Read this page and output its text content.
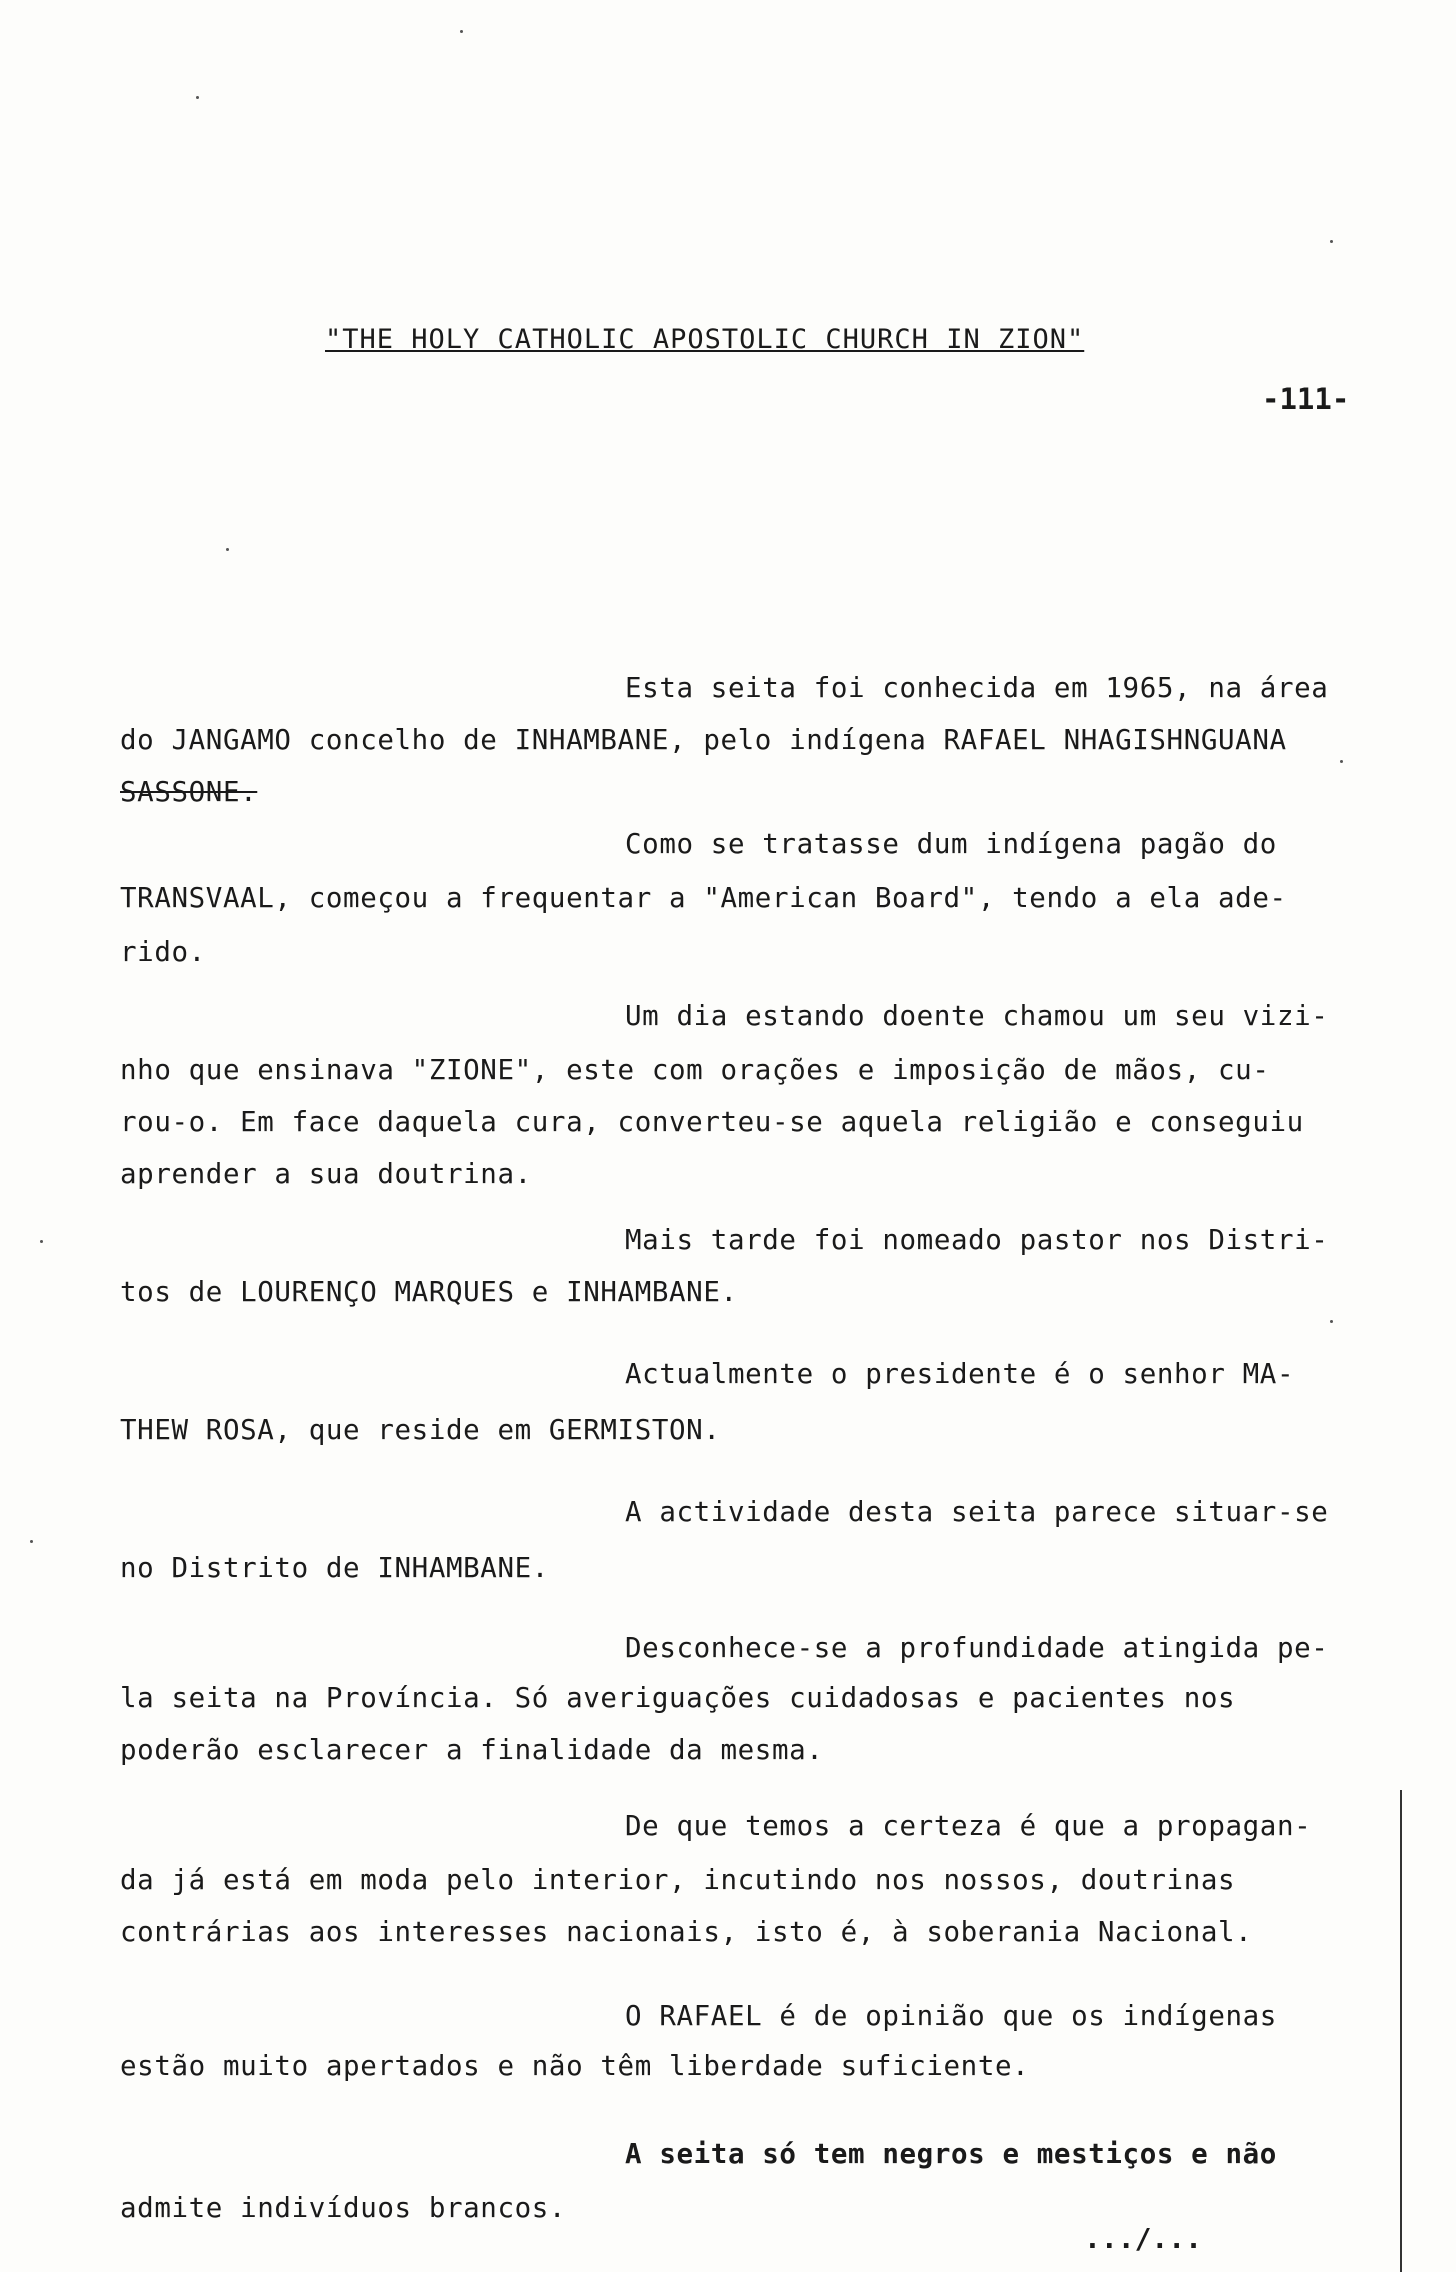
"THE HOLY CATHOLIC APOSTOLIC CHURCH IN ZION"
-111-
Esta seita foi conhecida em 1965, na área
do JANGAMO concelho de INHAMBANE, pelo indígena RAFAEL NHAGISHNGUANA
SASSONE.
Como se tratasse dum indígena pagão do
TRANSVAAL, começou a frequentar a "American Board", tendo a ela ade-
rido.
Um dia estando doente chamou um seu vizi-
nho que ensinava "ZIONE", este com orações e imposição de mãos, cu-
rou-o. Em face daquela cura, converteu-se aquela religião e conseguiu
aprender a sua doutrina.
Mais tarde foi nomeado pastor nos Distri-
tos de LOURENÇO MARQUES e INHAMBANE.
Actualmente o presidente é o senhor MA-
THEW ROSA, que reside em GERMISTON.
A actividade desta seita parece situar-se
no Distrito de INHAMBANE.
Desconhece-se a profundidade atingida pe-
la seita na Província. Só averiguações cuidadosas e pacientes nos
poderão esclarecer a finalidade da mesma.
De que temos a certeza é que a propagan-
da já está em moda pelo interior, incutindo nos nossos, doutrinas
contrárias aos interesses nacionais, isto é, à soberania Nacional.
O RAFAEL é de opinião que os indígenas
estão muito apertados e não têm liberdade suficiente.
A seita só tem negros e mestiços e não
admite indivíduos brancos.
.../...
